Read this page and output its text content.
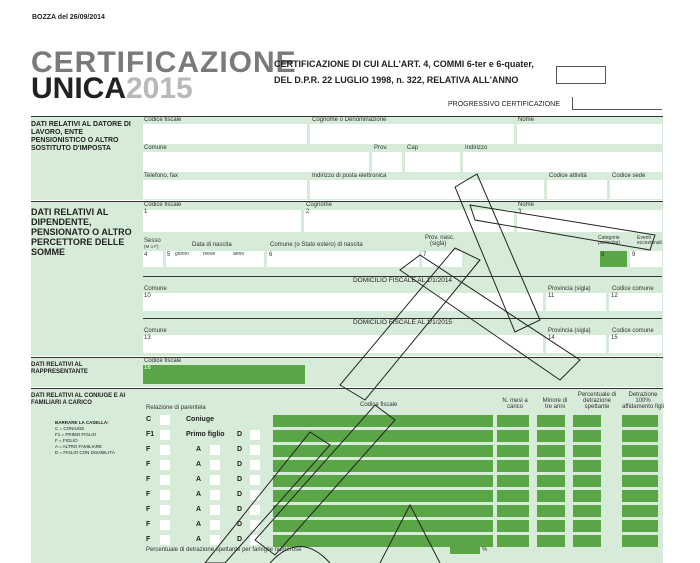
BOZZA del 26/09/2014
CERTIFICAZIONE
UNICA2015
CERTIFICAZIONE DI CUI ALL'ART. 4, COMMI 6-ter e 6-quater,
DEL D.P.R. 22 LUGLIO 1998, n. 322, RELATIVA ALL'ANNO
PROGRESSIVO CERTIFICAZIONE
DATI RELATIVI AL DATORE DI LAVORO, ENTE PENSIONISTICO O ALTRO SOSTITUTO D'IMPOSTA
Codice fiscale	Cognome o Denominazione	Nome
Comune	Prov.	Cap	Indirizzo
Telefono, fax	Indirizzo di posta elettronica	Codice attività	Codice sede
DATI RELATIVI AL DIPENDENTE, PENSIONATO O ALTRO PERCETTORE DELLE SOMME
Codice fiscale
1
Cognome
2
Nome
3
Sesso
(M o F)
4
Data di nascita
5 giorno	mese	anno
Comune (o Stato estero) di nascita
6
Prov. nasc.
(sigla)
7
Categorie particolari
8
Eventi eccezionali
9
DOMICILIO FISCALE AL 1/1/2014
Comune
10
Provincia (sigla)
11
Codice comune
12
DOMICILIO FISCALE AL 1/1/2015
Comune
13
Provincia (sigla)
14
Codice comune
15
DATI RELATIVI AL RAPPRESENTANTE
Codice fiscale
16
DATI RELATIVI AL CONIUGE E AI FAMILIARI A CARICO
BARRARE LA CASELLA:
C = CONIUGE
F1 = PRIMO FIGLIO
F = FIGLIO
A = ALTRO FAMILIARE
D = FIGLIO CON DISABILITÀ
Relazione di parentela	Codice fiscale
N. mesi a carico
Minore di tre anni
Percentuale di detrazione spettante
Detrazione 100% affidamento figli
C	Coniuge
F1	Primo figlio D
F	A	D
F	A	D
F	A	D
F	A	D
F	A	D
F	A	D
F	A	D
Percentuale di detrazione spettante per famiglie numerose	%
